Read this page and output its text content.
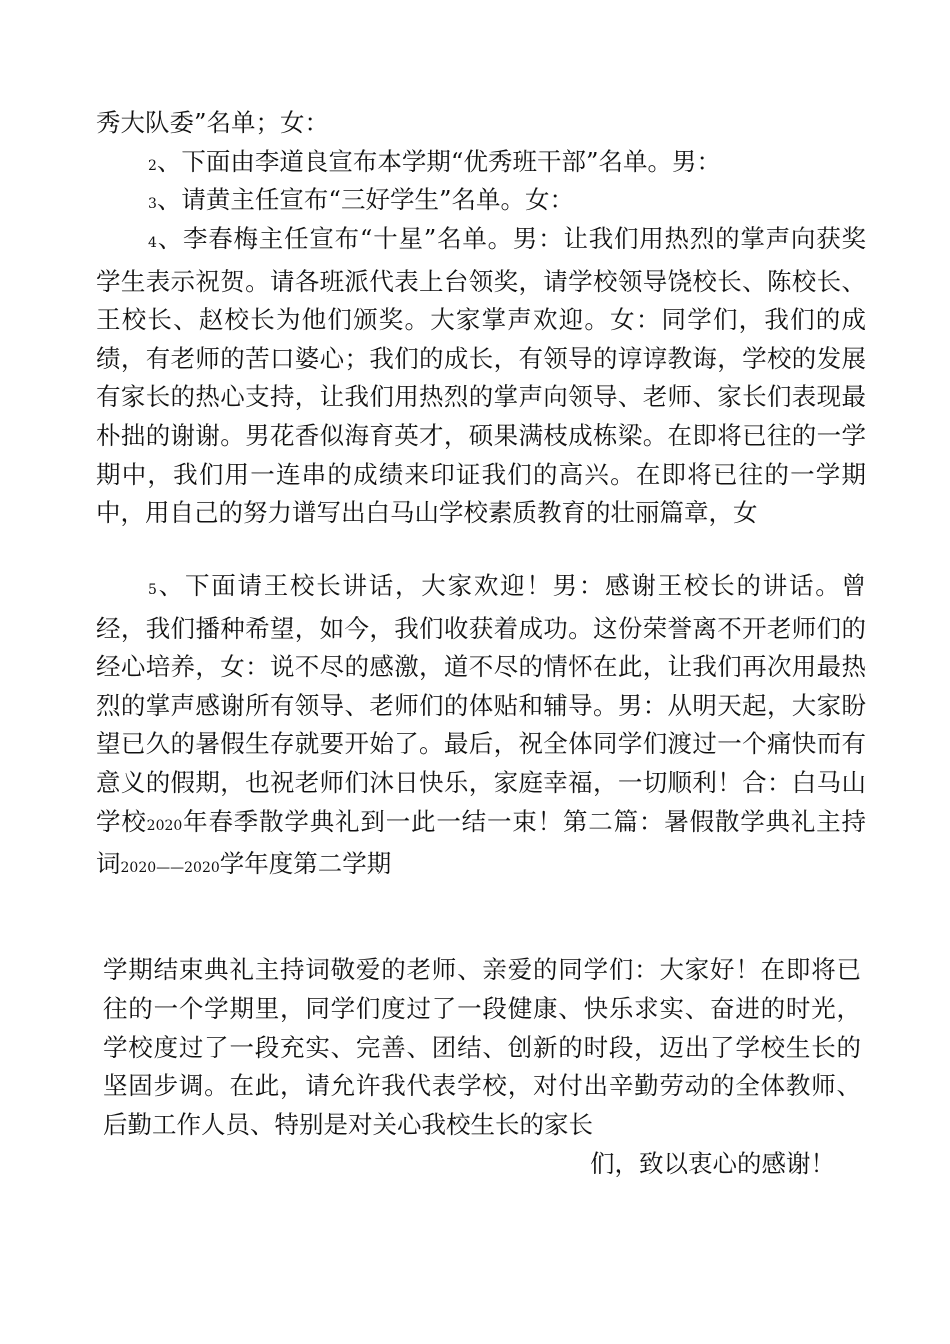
秀大队委”名单；女：

2、下面由李道良宣布本学期“优秀班干部”名单。男：

3、请黄主任宣布“三好学生”名单。女：

4、李春梅主任宣布“十星”名单。男：让我们用热烈的掌声向获奖学生表示祝贺。请各班派代表上台领奖，请学校领导饶校长、陈校长、王校长、赵校长为他们颁奖。大家掌声欢迎。女：同学们，我们的成绩，有老师的苦口婆心；我们的成长，有领导的谆谆教诲，学校的发展有家长的热心支持，让我们用热烈的掌声向领导、老师、家长们表现最朴拙的谢谢。男花香似海育英才，硕果满枝成栋梁。在即将已往的一学期中，我们用一连串的成绩来印证我们的高兴。在即将已往的一学期中，用自己的努力谱写出白马山学校素质教育的壮丽篇章，女

5、下面请王校长讲话，大家欢迎！男：感谢王校长的讲话。曾经，我们播种希望，如今，我们收获着成功。这份荣誉离不开老师们的经心培养，女：说不尽的感激，道不尽的情怀在此，让我们再次用最热烈的掌声感谢所有领导、老师们的体贴和辅导。男：从明天起，大家盼望已久的暑假生存就要开始了。最后，祝全体同学们渡过一个痛快而有意义的假期，也祝老师们沐日快乐，家庭幸福，一切顺利！合：白马山学校2020年春季散学典礼到一此一结一束！第二篇：暑假散学典礼主持词2020——2020学年度第二学期

学期结束典礼主持词敬爱的老师、亲爱的同学们：大家好！在即将已往的一个学期里，同学们度过了一段健康、快乐求实、奋进的时光，学校度过了一段充实、完善、团结、创新的时段，迈出了学校生长的坚固步调。在此，请允许我代表学校，对付出辛勤劳动的全体教师、后勤工作人员、特别是对关心我校生长的家长

们，致以衷心的感谢！
